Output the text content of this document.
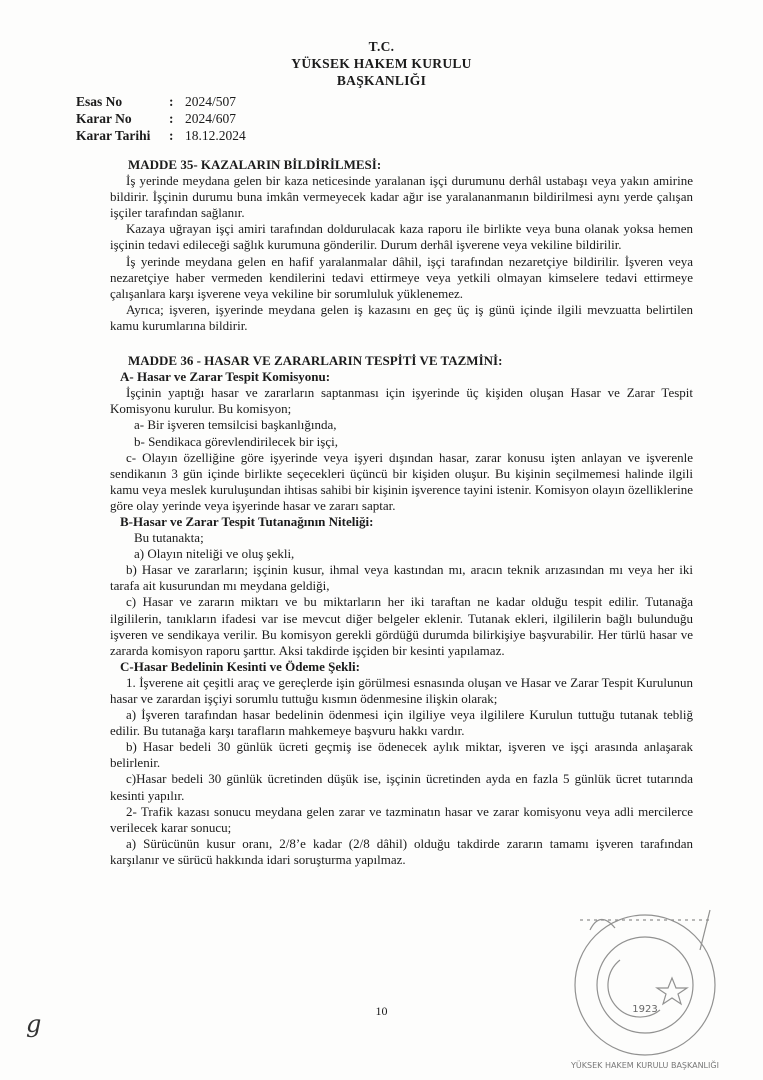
T.C.
YÜKSEK HAKEM KURULU
BAŞKANLIĞI
Esas No	: 2024/507
Karar No	: 2024/607
Karar Tarihi	: 18.12.2024

MADDE 35- KAZALARIN BİLDİRİLMESİ:

İş yerinde meydana gelen bir kaza neticesinde yaralanan işçi durumunu derhâl ustabaşı veya yakın amirine bildirir. İşçinin durumu buna imkân vermeyecek kadar ağır ise yaralananmanın bildirilmesi aynı yerde çalışan işçiler tarafından sağlanır.

Kazaya uğrayan işçi amiri tarafından doldurulacak kaza raporu ile birlikte veya buna olanak yoksa hemen işçinin tedavi edileceği sağlık kurumuna gönderilir. Durum derhâl işverene veya vekiline bildirilir.

İş yerinde meydana gelen en hafif yaralanmalar dâhil, işçi tarafından nezaretçiye bildirilir. İşveren veya nezaretçiye haber vermeden kendilerini tedavi ettirmeye veya yetkili olmayan kimselere tedavi ettirmeye çalışanlara karşı işverene veya vekiline bir sorumluluk yüklenemez.

Ayrıca; işveren, işyerinde meydana gelen iş kazasını en geç üç iş günü içinde ilgili mevzuatta belirtilen kamu kurumlarına bildirir.

MADDE 36 - HASAR VE ZARARLARIN TESPİTİ VE TAZMİNİ:

A- Hasar ve Zarar Tespit Komisyonu:

İşçinin yaptığı hasar ve zararların saptanması için işyerinde üç kişiden oluşan Hasar ve Zarar Tespit Komisyonu kurulur. Bu komisyon;

a- Bir işveren temsilcisi başkanlığında,

b- Sendikaca görevlendirilecek bir işçi,

c- Olayın özelliğine göre işyerinde veya işyeri dışından hasar, zarar konusu işten anlayan ve işverenle sendikanın 3 gün içinde birlikte seçecekleri üçüncü bir kişiden oluşur. Bu kişinin seçilmemesi halinde ilgili kamu veya meslek kuruluşundan ihtisas sahibi bir kişinin işverence tayini istenir. Komisyon olayın özelliklerine göre olay yerinde veya işyerinde hasar ve zararı saptar.

B-Hasar ve Zarar Tespit Tutanağının Niteliği:

Bu tutanakta;

a) Olayın niteliği ve oluş şekli,

b) Hasar ve zararların; işçinin kusur, ihmal veya kastından mı, aracın teknik arızasından mı veya her iki tarafa ait kusurundan mı meydana geldiği,

c) Hasar ve zararın miktarı ve bu miktarların her iki taraftan ne kadar olduğu tespit edilir. Tutanağa ilgililerin, tanıkların ifadesi var ise mevcut diğer belgeler eklenir. Tutanak ekleri, ilgililerin bağlı bulunduğu işveren ve sendikaya verilir. Bu komisyon gerekli gördüğü durumda bilirkişiye başvurabilir. Her türlü hasar ve zararda komisyon raporu şarttır. Aksi takdirde işçiden bir kesinti yapılamaz.

C-Hasar Bedelinin Kesinti ve Ödeme Şekli:

1. İşverene ait çeşitli araç ve gereçlerde işin görülmesi esnasında oluşan ve Hasar ve Zarar Tespit Kurulunun hasar ve zarardan işçiyi sorumlu tuttuğu kısmın ödenmesine ilişkin olarak;

a) İşveren tarafından hasar bedelinin ödenmesi için ilgiliye veya ilgililere Kurulun tuttuğu tutanak tebliğ edilir. Bu tutanağa karşı tarafların mahkemeye başvuru hakkı vardır.

b) Hasar bedeli 30 günlük ücreti geçmiş ise ödenecek aylık miktar, işveren ve işçi arasında anlaşarak belirlenir.

c)Hasar bedeli 30 günlük ücretinden düşük ise, işçinin ücretinden ayda en fazla 5 günlük ücret tutarında kesinti yapılır.

2- Trafik kazası sonucu meydana gelen zarar ve tazminatın hasar ve zarar komisyonu veya adli mercilerce verilecek karar sonucu;

a) Sürücünün kusur oranı, 2/8’e kadar (2/8 dâhil) olduğu takdirde zararın tamamı işveren tarafından karşılanır ve sürücü hakkında idari soruşturma yapılmaz.

10
g
1923
YÜKSEK HAKEM KURULU BAŞKANLIĞI
